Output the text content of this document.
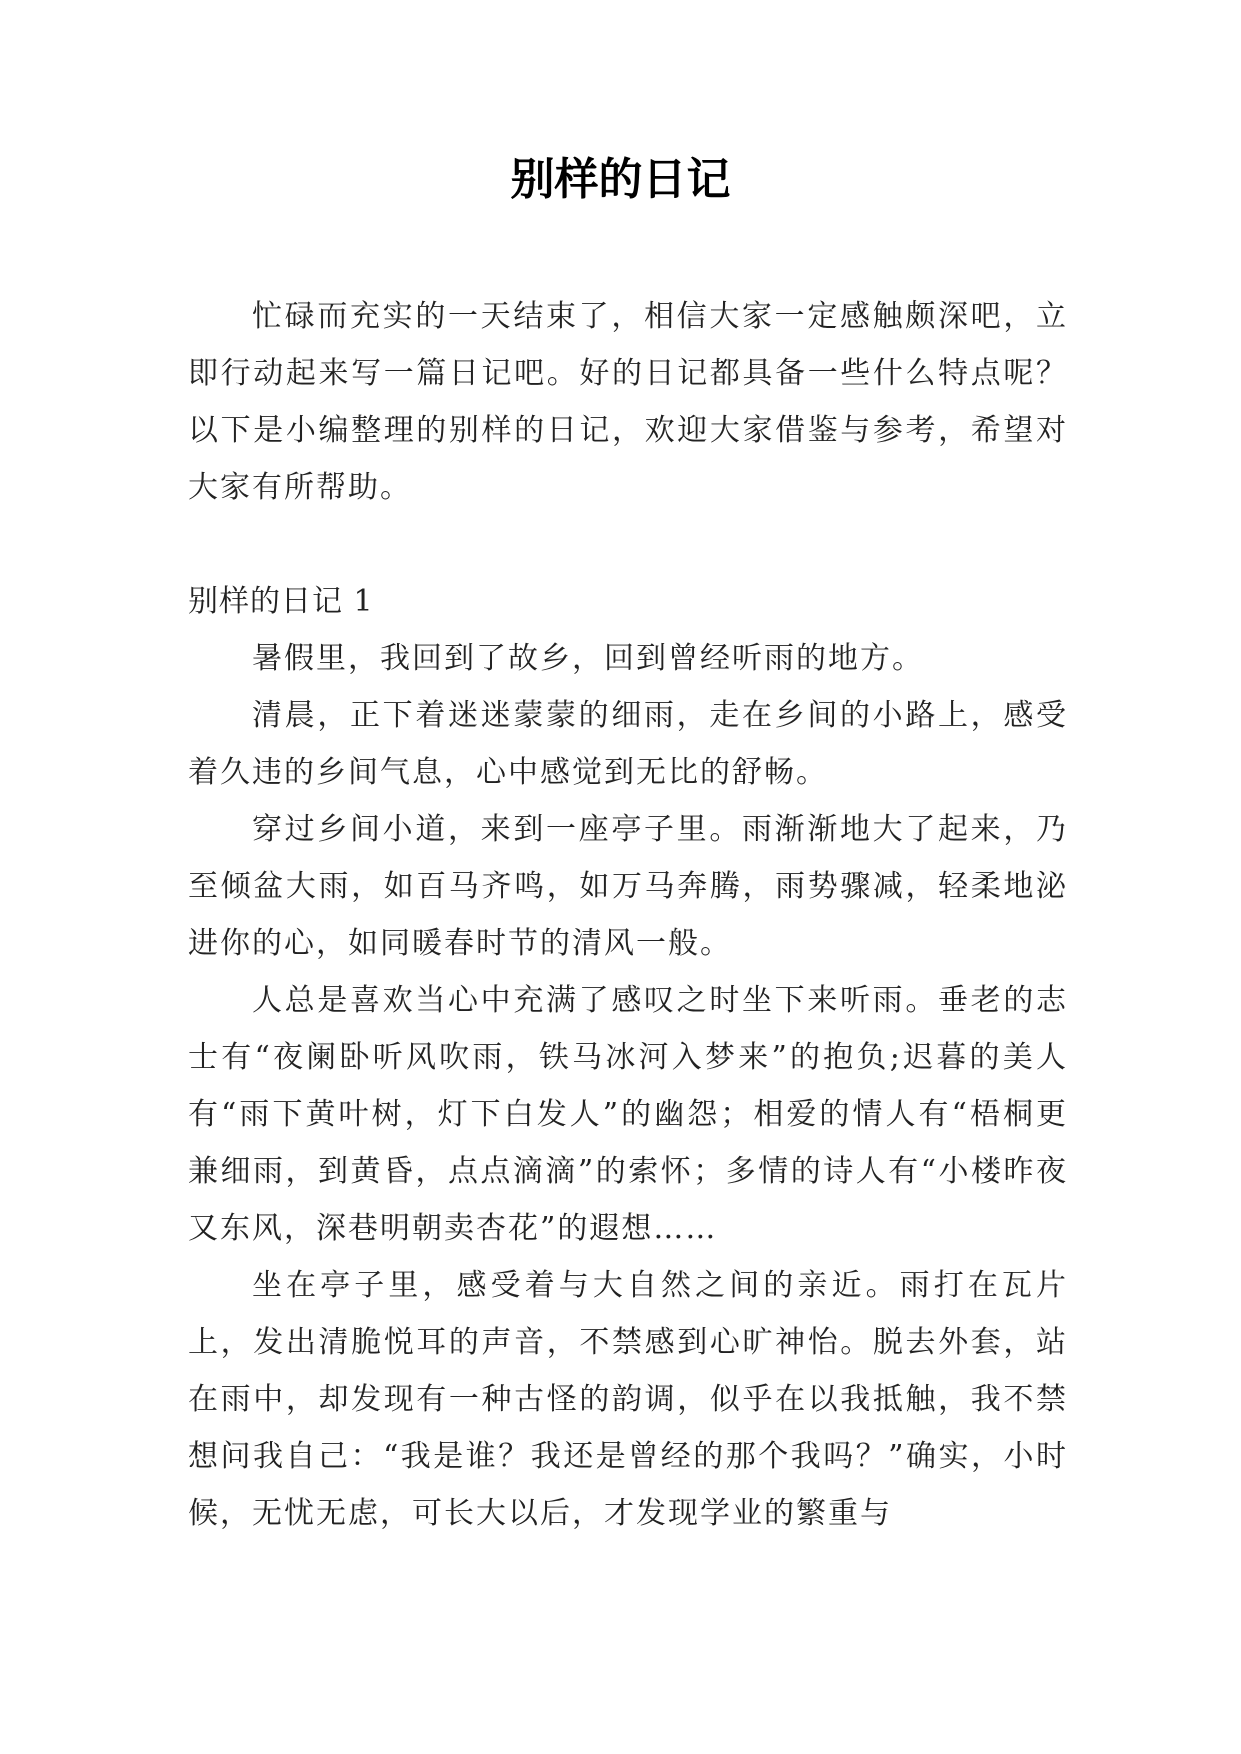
别样的日记

忙碌而充实的一天结束了，相信大家一定感触颇深吧，立即行动起来写一篇日记吧。好的日记都具备一些什么特点呢？以下是小编整理的别样的日记，欢迎大家借鉴与参考，希望对大家有所帮助。

别样的日记 1

暑假里，我回到了故乡，回到曾经听雨的地方。

清晨，正下着迷迷蒙蒙的细雨，走在乡间的小路上，感受着久违的乡间气息，心中感觉到无比的舒畅。

穿过乡间小道，来到一座亭子里。雨渐渐地大了起来，乃至倾盆大雨，如百马齐鸣，如万马奔腾，雨势骤减，轻柔地泌进你的心，如同暖春时节的清风一般。

人总是喜欢当心中充满了感叹之时坐下来听雨。垂老的志士有“夜阑卧听风吹雨，铁马冰河入梦来”的抱负;迟暮的美人有“雨下黄叶树，灯下白发人”的幽怨；相爱的情人有“梧桐更兼细雨，到黄昏，点点滴滴”的索怀；多情的诗人有“小楼昨夜又东风，深巷明朝卖杏花”的遐想……

坐在亭子里，感受着与大自然之间的亲近。雨打在瓦片上，发出清脆悦耳的声音，不禁感到心旷神怡。脱去外套，站在雨中，却发现有一种古怪的韵调，似乎在以我抵触，我不禁想问我自己：“我是谁？我还是曾经的那个我吗？”确实，小时候，无忧无虑，可长大以后，才发现学业的繁重与
